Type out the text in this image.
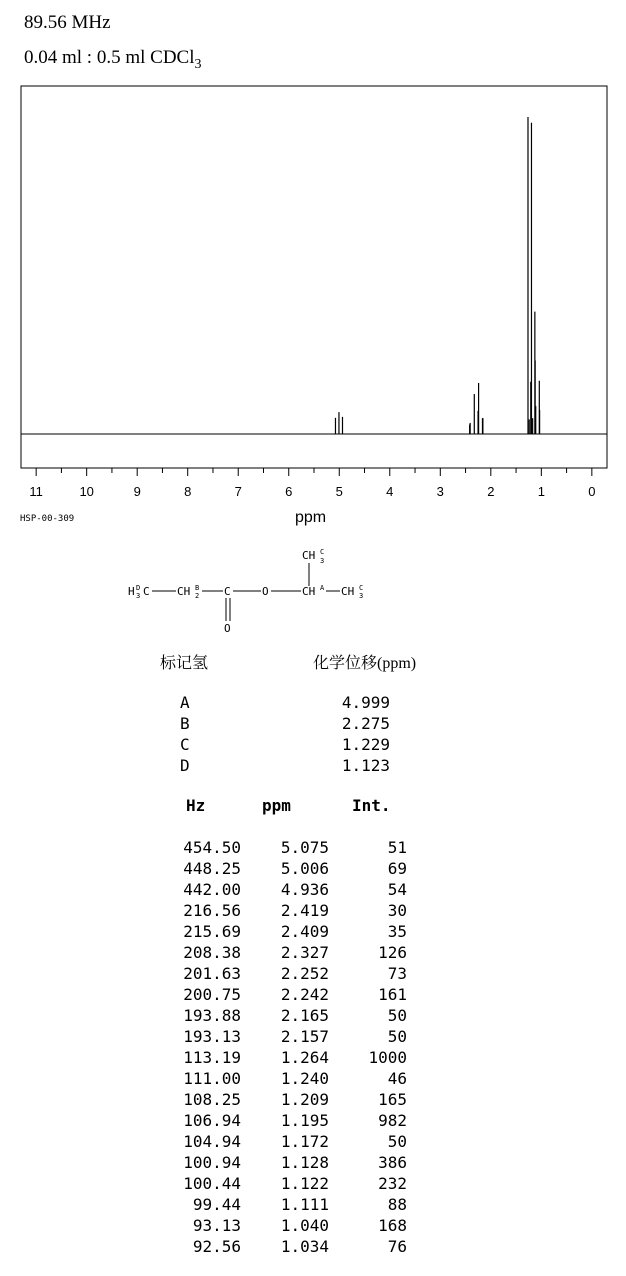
89.56 MHz
0.04 ml : 0.5 ml CDCl$_3$
11	10	9	8	7	6	5	4	3	2	1	0
HSP-00-309	ppm
CH C
3
H 3
D C CH B
2 C
O
O	CH A CH C
3
标记氢	化学位移(ppm)
A	4.999
B	2.275
C	1.229
D	1.123
Hz	ppm	Int.
454.50	5.075	51
448.25	5.006	69
442.00	4.936	54
216.56	2.419	30
215.69	2.409	35
208.38	2.327	126
201.63	2.252	73
200.75	2.242	161
193.88	2.165	50
193.13	2.157	50
113.19	1.264	1000
111.00	1.240	46
108.25	1.209	165
106.94	1.195	982
104.94	1.172	50
100.94	1.128	386
100.44	1.122	232
99.44	1.111	88
93.13	1.040	168
92.56	1.034	76
